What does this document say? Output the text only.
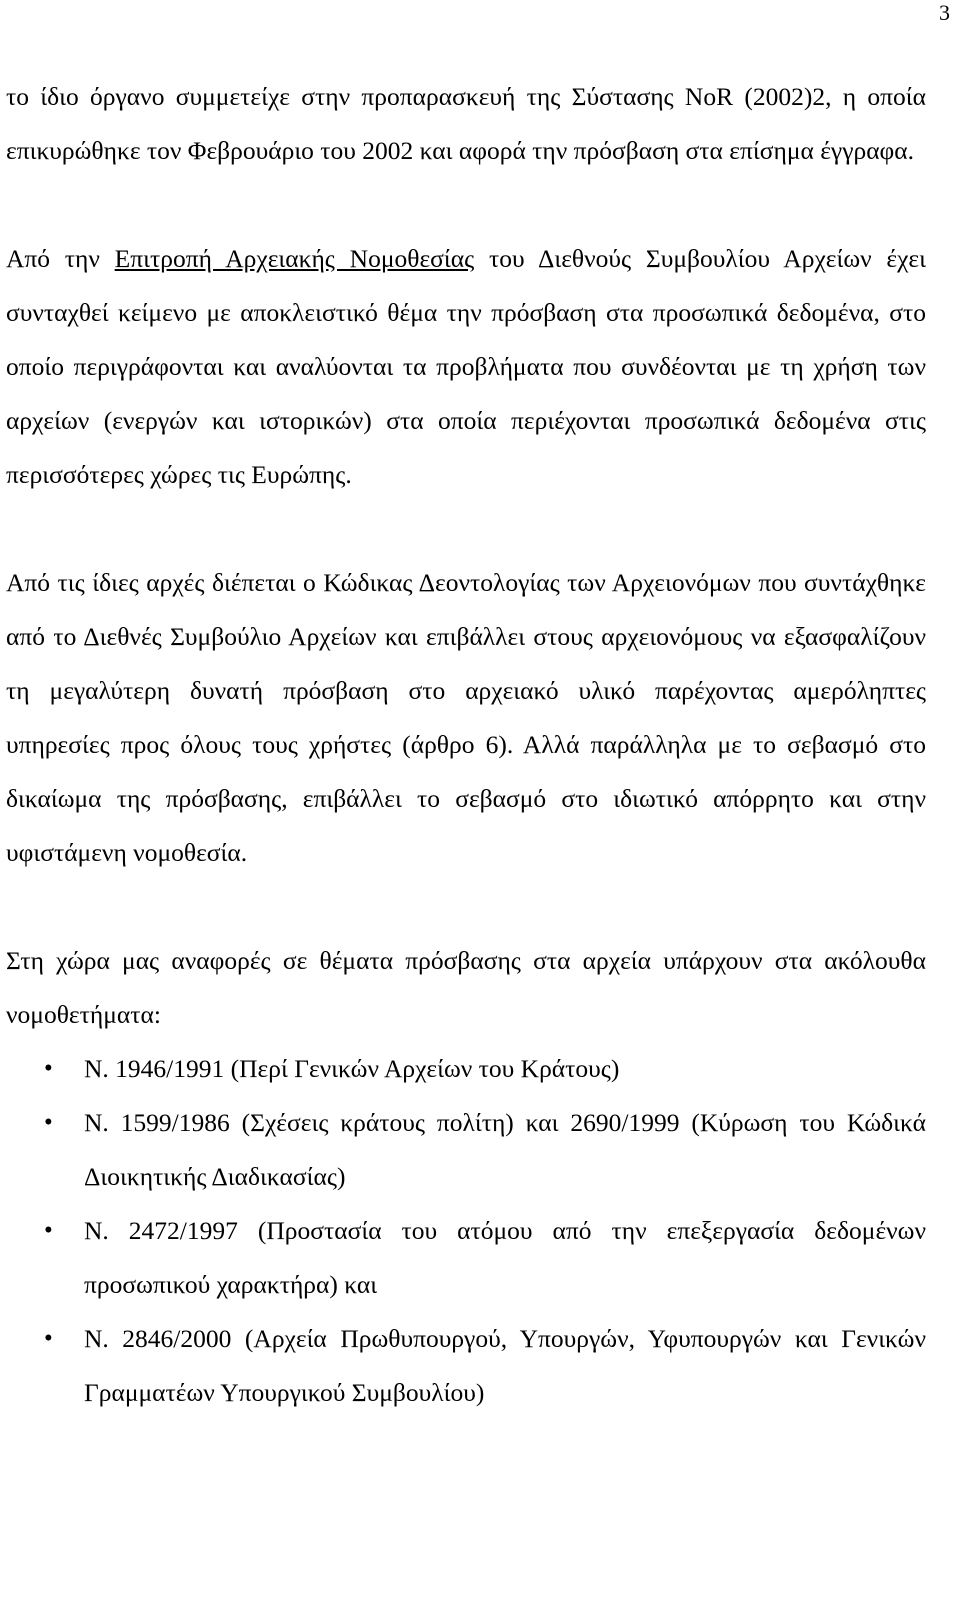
3

το ίδιο όργανο συμμετείχε στην προπαρασκευή της Σύστασης NoR (2002)2, η οποία επικυρώθηκε τον Φεβρουάριο του 2002 και αφορά την πρόσβαση στα επίσημα έγγραφα.

Από την Επιτροπή Αρχειακής Νομοθεσίας του Διεθνούς Συμβουλίου Αρχείων έχει συνταχθεί κείμενο με αποκλειστικό θέμα την πρόσβαση στα προσωπικά δεδομένα, στο οποίο περιγράφονται και αναλύονται τα προβλήματα που συνδέονται με τη χρήση των αρχείων (ενεργών και ιστορικών) στα οποία περιέχονται προσωπικά δεδομένα στις περισσότερες χώρες τις Ευρώπης.

Από τις ίδιες αρχές διέπεται ο Κώδικας Δεοντολογίας των Αρχειονόμων που συντάχθηκε από το Διεθνές Συμβούλιο Αρχείων και επιβάλλει στους αρχειονόμους να εξασφαλίζουν τη μεγαλύτερη δυνατή πρόσβαση στο αρχειακό υλικό παρέχοντας αμερόληπτες υπηρεσίες προς όλους τους χρήστες (άρθρο 6). Αλλά παράλληλα με το σεβασμό στο δικαίωμα της πρόσβασης, επιβάλλει το σεβασμό στο ιδιωτικό απόρρητο και στην υφιστάμενη νομοθεσία.

Στη χώρα μας αναφορές σε θέματα πρόσβασης στα αρχεία υπάρχουν στα ακόλουθα νομοθετήματα:
• Ν. 1946/1991 (Περί Γενικών Αρχείων του Κράτους)
• Ν. 1599/1986 (Σχέσεις κράτους πολίτη) και 2690/1999 (Κύρωση του Κώδικά Διοικητικής Διαδικασίας)
• Ν. 2472/1997 (Προστασία του ατόμου από την επεξεργασία δεδομένων προσωπικού χαρακτήρα) και
• Ν. 2846/2000 (Αρχεία Πρωθυπουργού, Υπουργών, Υφυπουργών και Γενικών Γραμματέων Υπουργικού Συμβουλίου)
